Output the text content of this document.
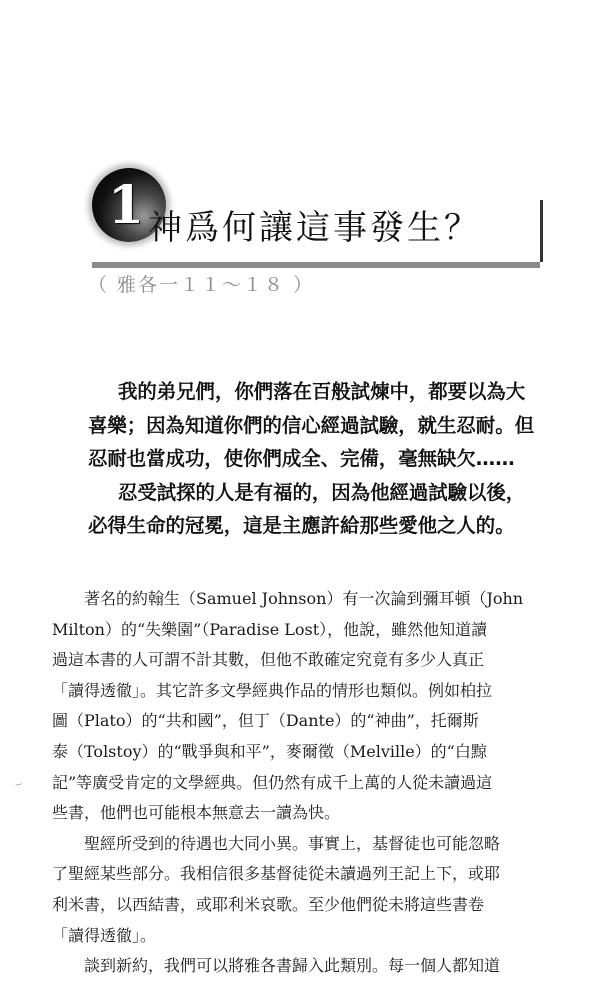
1 神爲何讓這事發生？
（ 雅各一１１～１８ ）
我的弟兄們，你們落在百般試煉中，都要以為大
喜樂；因為知道你們的信心經過試驗，就生忍耐。但
忍耐也當成功，使你們成全、完備，毫無缺欠……
忍受試探的人是有福的，因為他經過試驗以後，
必得生命的冠冕，這是主應許給那些愛他之人的。
著名的約翰生（Samuel Johnson）有一次論到彌耳頓（John
Milton）的“失樂園”（Paradise Lost），他說，雖然他知道讀
過這本書的人可謂不計其數，但他不敢確定究竟有多少人真正
「讀得透徹」。其它許多文學經典作品的情形也類似。例如柏拉
圖（Plato）的“共和國”，但丁（Dante）的“神曲”，托爾斯
泰（Tolstoy）的“戰爭與和平”，麥爾徵（Melville）的“白黥
記”等廣受肯定的文學經典。但仍然有成千上萬的人從未讀過這
些書，他們也可能根本無意去一讀為快。
聖經所受到的待遇也大同小異。事實上，基督徒也可能忽略
了聖經某些部分。我相信很多基督徒從未讀過列王記上下，或耶
利米書，以西結書，或耶利米哀歌。至少他們從未將這些書卷
「讀得透徹」。
談到新約，我們可以將雅各書歸入此類別。每一個人都知道
~
